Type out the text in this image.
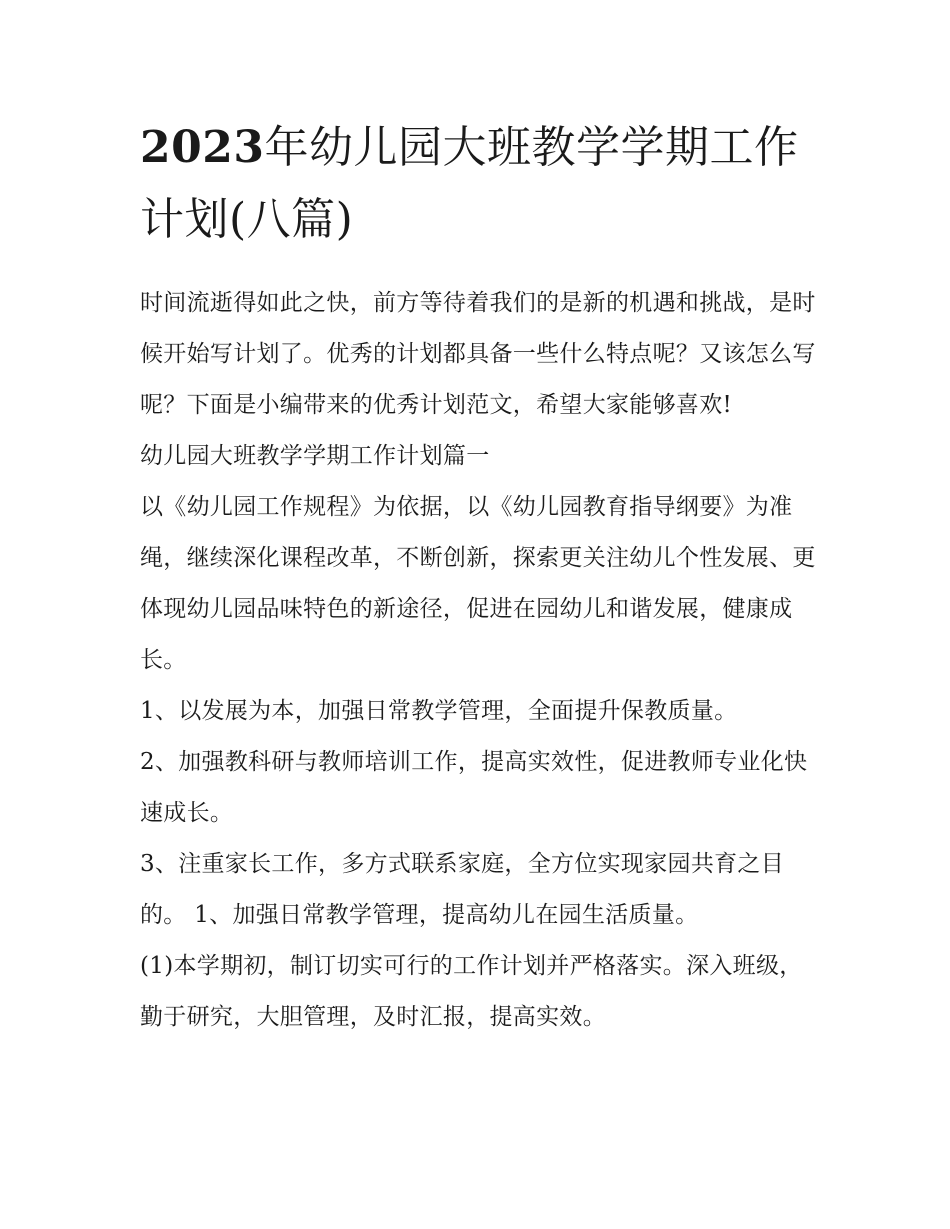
2023年幼儿园大班教学学期工作计划(八篇)

时间流逝得如此之快，前方等待着我们的是新的机遇和挑战，是时候开始写计划了。优秀的计划都具备一些什么特点呢？又该怎么写呢？下面是小编带来的优秀计划范文，希望大家能够喜欢!

幼儿园大班教学学期工作计划篇一

以《幼儿园工作规程》为依据，以《幼儿园教育指导纲要》为准绳，继续深化课程改革，不断创新，探索更关注幼儿个性发展、更体现幼儿园品味特色的新途径，促进在园幼儿和谐发展，健康成长。

1、以发展为本，加强日常教学管理，全面提升保教质量。

2、加强教科研与教师培训工作，提高实效性，促进教师专业化快速成长。

3、注重家长工作，多方式联系家庭，全方位实现家园共育之目的。 1、加强日常教学管理，提高幼儿在园生活质量。

(1)本学期初，制订切实可行的工作计划并严格落实。深入班级，勤于研究，大胆管理，及时汇报，提高实效。
